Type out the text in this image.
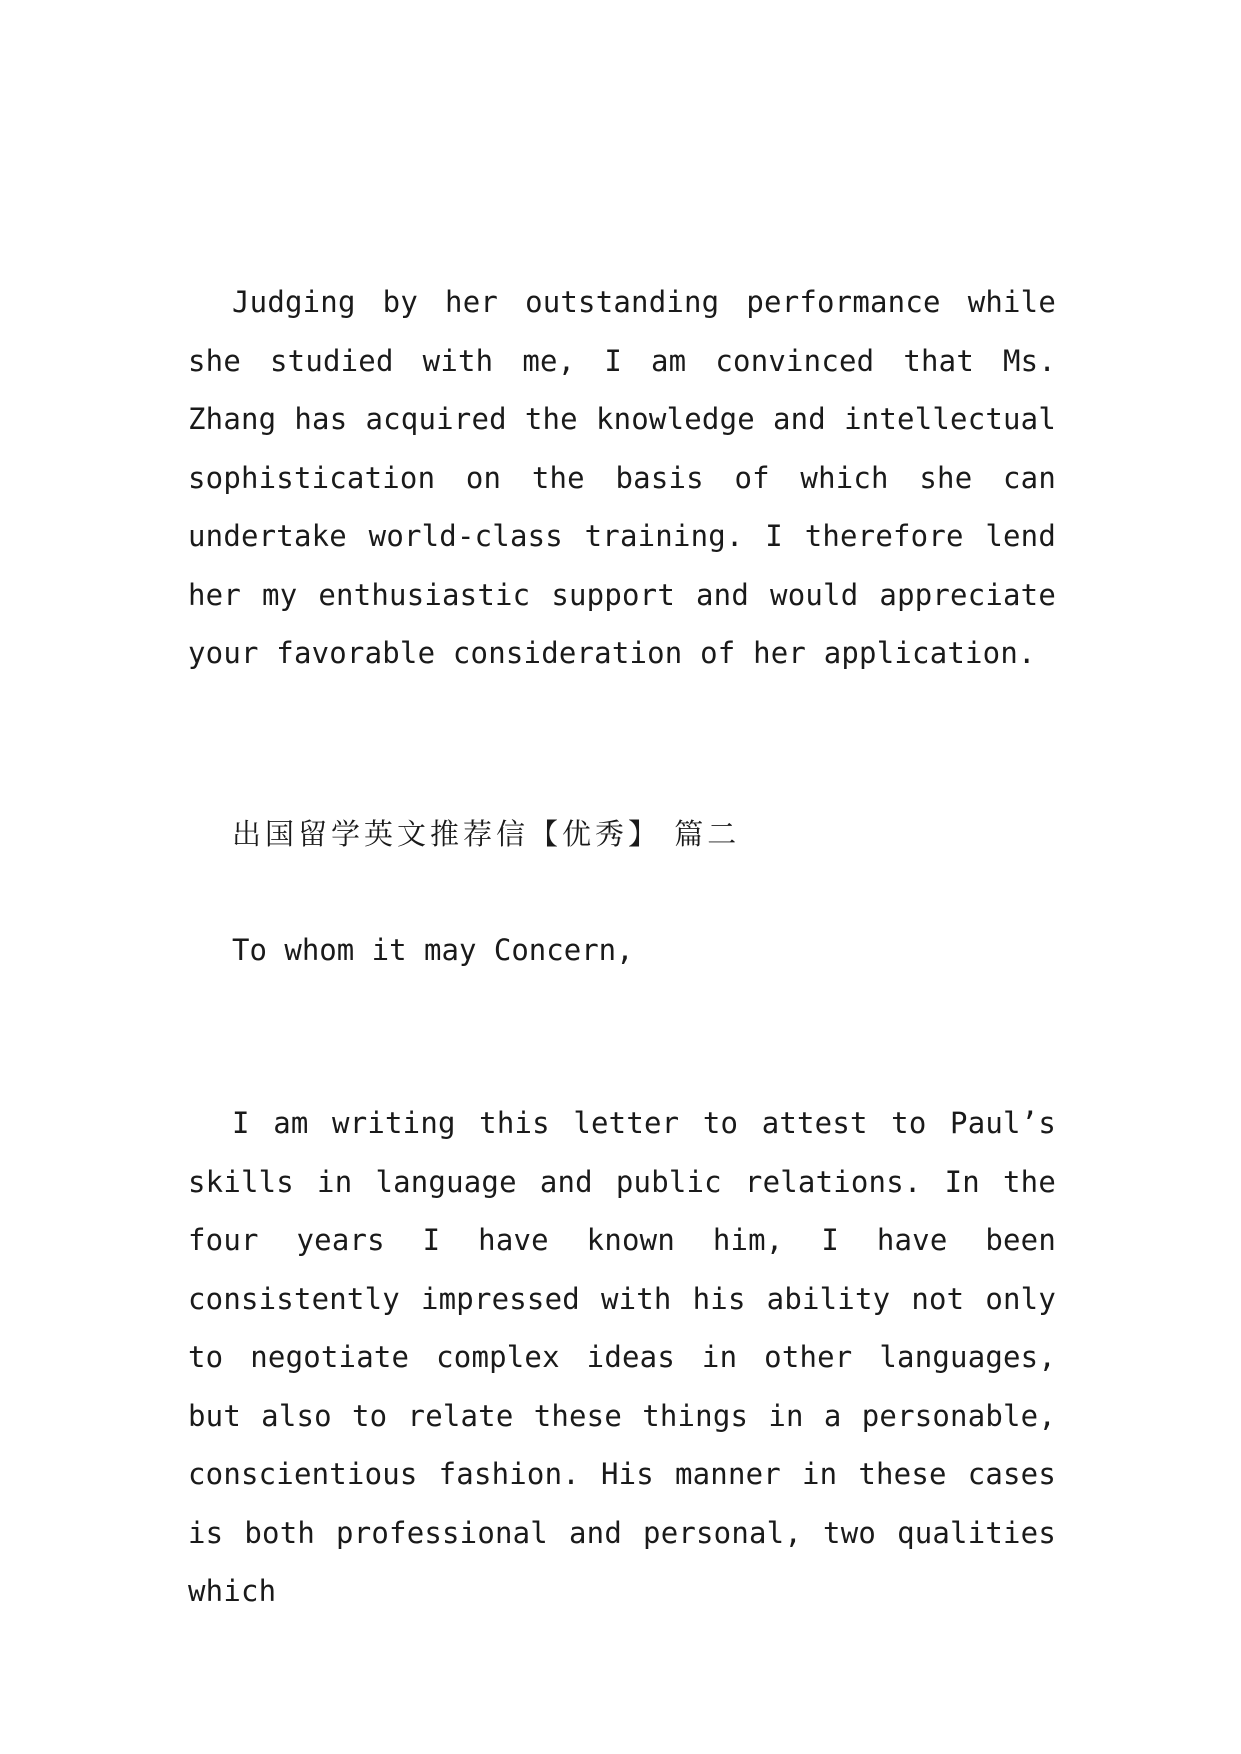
Judging by her outstanding performance while she studied with me, I am convinced that Ms. Zhang has acquired the knowledge and intellectual sophistication on the basis of which she can undertake world-class training. I therefore lend her my enthusiastic support and would appreciate your favorable consideration of her application.

出国留学英文推荐信【优秀】 篇二

To whom it may Concern,

I am writing this letter to attest to Paul’s skills in language and public relations. In the four years I have known him, I have been consistently impressed with his ability not only to negotiate complex ideas in other languages, but also to relate these things in a personable, conscientious fashion. His manner in these cases is both professional and personal, two qualities which
